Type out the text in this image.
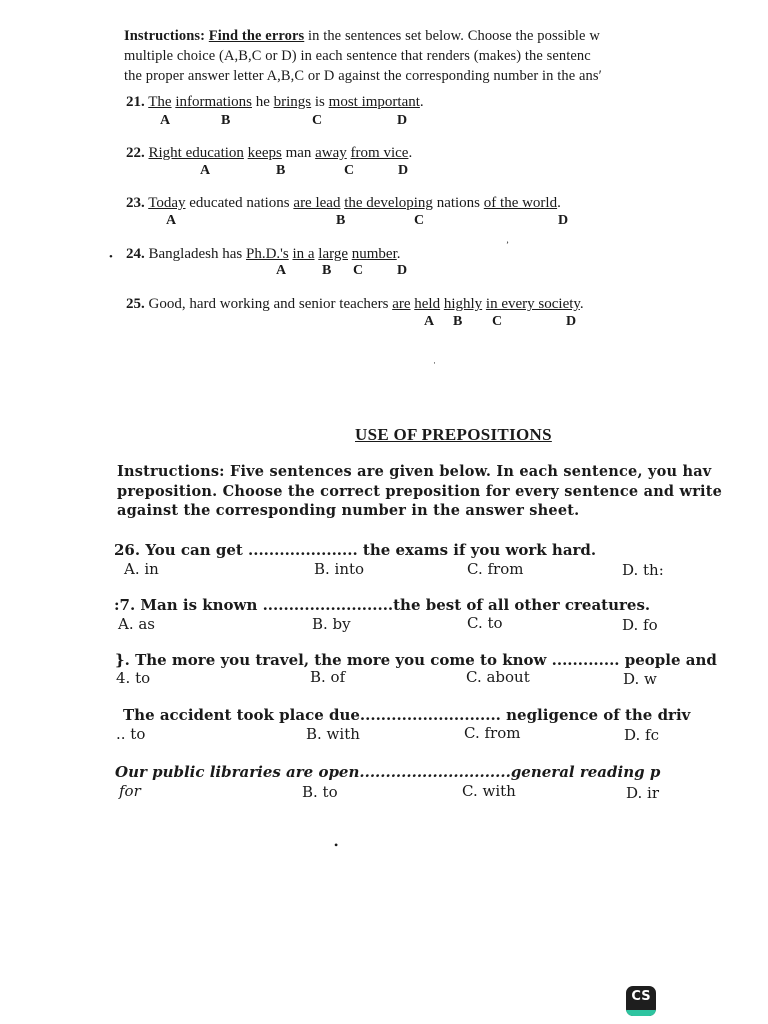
Instructions: Find the errors in the sentences set below. Choose the possible w
multiple choice (A,B,C or D) in each sentence that renders (makes) the sentenc
the proper answer letter A,B,C or D against the corresponding number in the ansʹ
21. The informations he brings is most important.
A	B	C	D
22. Right education keeps man away from vice.
A	B	C	D
23. Today educated nations are lead the developing nations of the world.
A	B	C	D
• 24. Bangladesh has Ph.D.'s in a large number.
A	B C D
25. Good, hard working and senior teachers are held highly in every society.
A B C	D
’
·
USE OF PREPOSITIONS
Instructions: Five sentences are given below. In each sentence, you hav
preposition. Choose the correct preposition for every sentence and write
against the corresponding number in the answer sheet.
26. You can get ..................... the exams if you work hard.
A. in	B. into	C. from	D. th:
:7. Man is known .........................the best of all other creatures.
A. as	B. by	C. to	D. fo
}. The more you travel, the more you come to know ............. people and
4. to	B. of	C. about	D. w
The accident took place due........................... negligence of the driv
.. to	B. with	C. from	D. fc
Our public libraries are open.............................general reading p
for	B. to	C. with	D. ir
•
CS
